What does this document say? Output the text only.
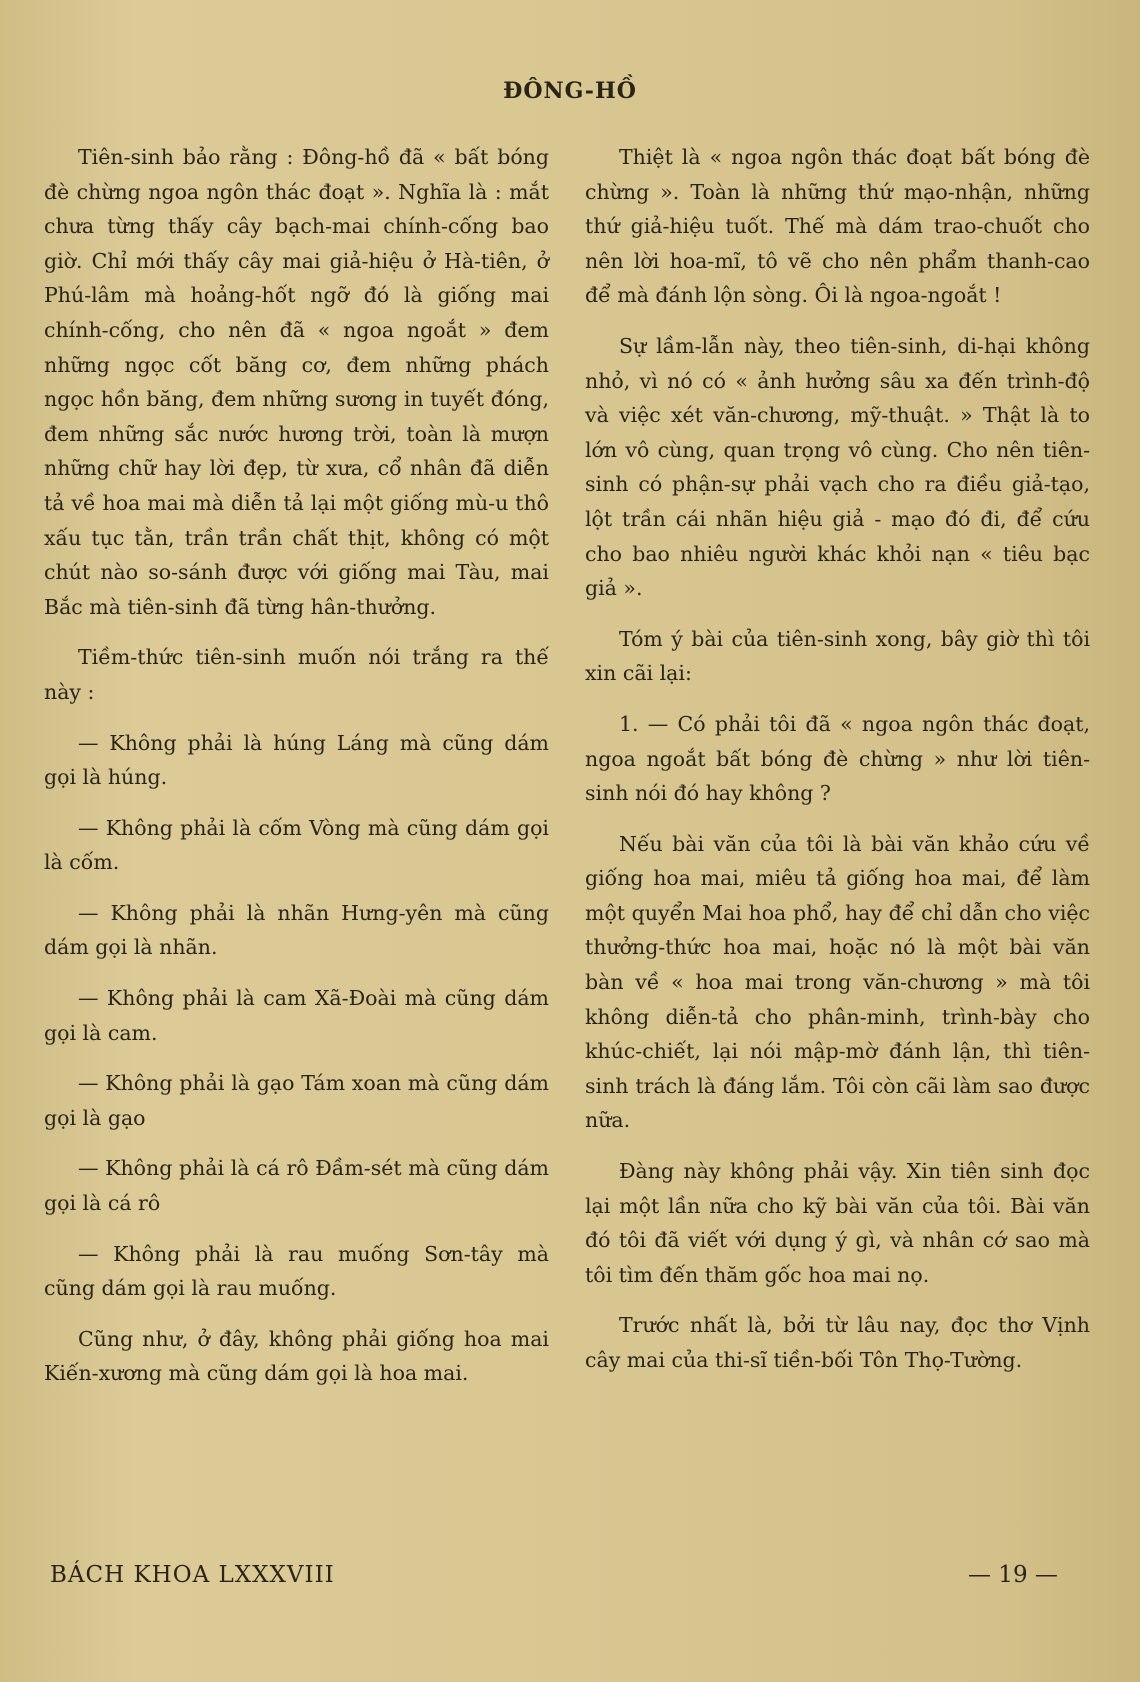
ĐÔNG-HỒ

Tiên-sinh bảo rằng : Đông-hồ đã « bất bóng đè chừng ngoa ngôn thác đoạt ». Nghĩa là : mắt chưa từng thấy cây bạch-mai chính-cống bao giờ. Chỉ mới thấy cây mai giả-hiệu ở Hà-tiên, ở Phú-lâm mà hoảng-hốt ngỡ đó là giống mai chính-cống, cho nên đã « ngoa ngoắt » đem những ngọc cốt băng cơ, đem những phách ngọc hồn băng, đem những sương in tuyết đóng, đem những sắc nước hương trời, toàn là mượn những chữ hay lời đẹp, từ xưa, cổ nhân đã diễn tả về hoa mai mà diễn tả lại một giống mù-u thô xấu tục tằn, trần trần chất thịt, không có một chút nào so-sánh được với giống mai Tàu, mai Bắc mà tiên-sinh đã từng hân-thưởng.

Tiềm-thức tiên-sinh muốn nói trắng ra thế này :

— Không phải là húng Láng mà cũng dám gọi là húng.

— Không phải là cốm Vòng mà cũng dám gọi là cốm.

— Không phải là nhãn Hưng-yên mà cũng dám gọi là nhãn.

— Không phải là cam Xã-Đoài mà cũng dám gọi là cam.

— Không phải là gạo Tám xoan mà cũng dám gọi là gạo

— Không phải là cá rô Đầm-sét mà cũng dám gọi là cá rô

— Không phải là rau muống Sơn-tây mà cũng dám gọi là rau muống.

Cũng như, ở đây, không phải giống hoa mai Kiến-xương mà cũng dám gọi là hoa mai.

Thiệt là « ngoa ngôn thác đoạt bất bóng đè chừng ». Toàn là những thứ mạo-nhận, những thứ giả-hiệu tuốt. Thế mà dám trao-chuốt cho nên lời hoa-mĩ, tô vẽ cho nên phẩm thanh-cao để mà đánh lộn sòng. Ôi là ngoa-ngoắt !

Sự lầm-lẫn này, theo tiên-sinh, di-hại không nhỏ, vì nó có « ảnh hưởng sâu xa đến trình-độ và việc xét văn-chương, mỹ-thuật. » Thật là to lớn vô cùng, quan trọng vô cùng. Cho nên tiên-sinh có phận-sự phải vạch cho ra điều giả-tạo, lột trần cái nhãn hiệu giả - mạo đó đi, để cứu cho bao nhiêu người khác khỏi nạn « tiêu bạc giả ».

Tóm ý bài của tiên-sinh xong, bây giờ thì tôi xin cãi lại:

1. — Có phải tôi đã « ngoa ngôn thác đoạt, ngoa ngoắt bất bóng đè chừng » như lời tiên-sinh nói đó hay không ?

Nếu bài văn của tôi là bài văn khảo cứu về giống hoa mai, miêu tả giống hoa mai, để làm một quyển Mai hoa phổ, hay để chỉ dẫn cho việc thưởng-thức hoa mai, hoặc nó là một bài văn bàn về « hoa mai trong văn-chương » mà tôi không diễn-tả cho phân-minh, trình-bày cho khúc-chiết, lại nói mập-mờ đánh lận, thì tiên-sinh trách là đáng lắm. Tôi còn cãi làm sao được nữa.

Đàng này không phải vậy. Xin tiên sinh đọc lại một lần nữa cho kỹ bài văn của tôi. Bài văn đó tôi đã viết với dụng ý gì, và nhân cớ sao mà tôi tìm đến thăm gốc hoa mai nọ.

Trước nhất là, bởi từ lâu nay, đọc thơ Vịnh cây mai của thi-sĩ tiền-bối Tôn Thọ-Tường.

BÁCH KHOA LXXXVIII	— 19 —
